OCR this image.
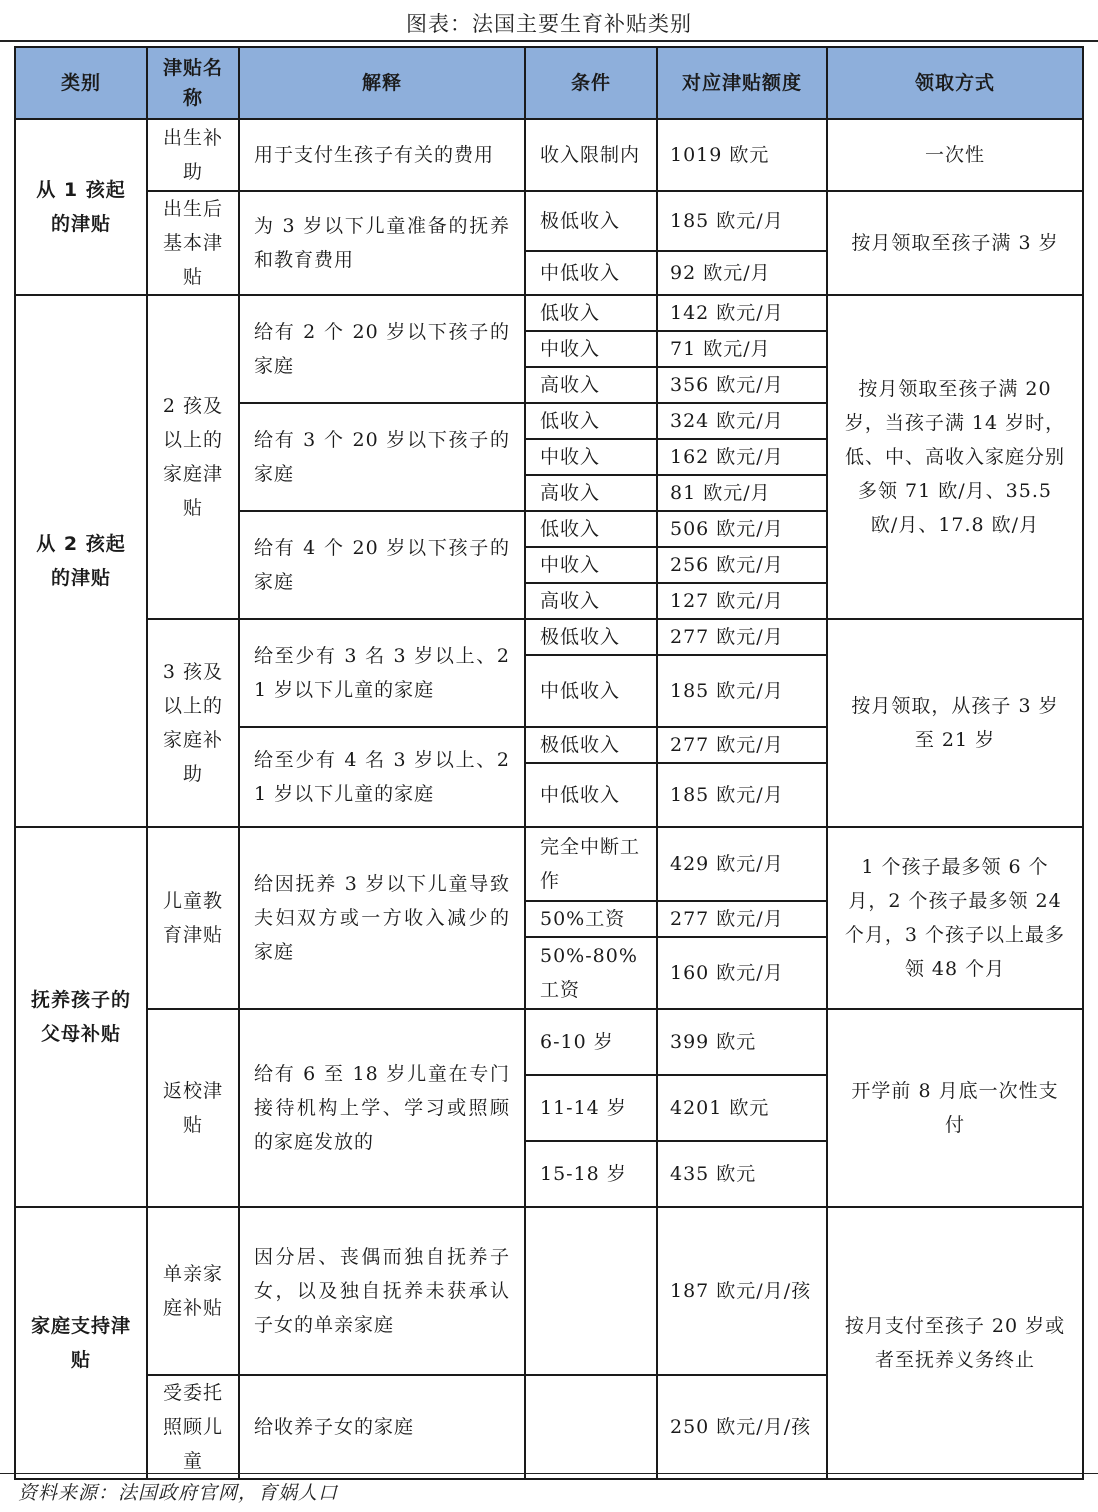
图表：法国主要生育补贴类别
类别	津贴名称	解释	条件	对应津贴额度	领取方式
从 1 孩起的津贴	出生补助	用于支付生孩子有关的费用	收入限制内	1019 欧元	一次性
	出生后基本津贴	为 3 岁以下儿童准备的抚养和教育费用	极低收入	185 欧元/月	按月领取至孩子满 3 岁
			中低收入	92 欧元/月	
从 2 孩起的津贴	2 孩及以上的家庭津贴	给有 2 个 20 岁以下孩子的家庭	低收入	142 欧元/月	按月领取至孩子满 20 岁，当孩子满 14 岁时，低、中、高收入家庭分别多领 71 欧/月、35.5 欧/月、17.8 欧/月
			中收入	71 欧元/月	
			高收入	356 欧元/月	
		给有 3 个 20 岁以下孩子的家庭	低收入	324 欧元/月	
			中收入	162 欧元/月	
			高收入	81 欧元/月	
		给有 4 个 20 岁以下孩子的家庭	低收入	506 欧元/月	
			中收入	256 欧元/月	
			高收入	127 欧元/月	
	3 孩及以上的家庭补助	给至少有 3 名 3 岁以上、21 岁以下儿童的家庭	极低收入	277 欧元/月	按月领取，从孩子 3 岁至 21 岁
			中低收入	185 欧元/月	
		给至少有 4 名 3 岁以上、21 岁以下儿童的家庭	极低收入	277 欧元/月	
			中低收入	185 欧元/月	
抚养孩子的父母补贴	儿童教育津贴	给因抚养 3 岁以下儿童导致夫妇双方或一方收入减少的家庭	完全中断工作	429 欧元/月	1 个孩子最多领 6 个月，2 个孩子最多领 24 个月，3 个孩子以上最多领 48 个月
			50%工资	277 欧元/月	
			50%-80% 工资	160 欧元/月	
	返校津贴	给有 6 至 18 岁儿童在专门接待机构上学、学习或照顾的家庭发放的	6-10 岁	399 欧元	开学前 8 月底一次性支付
			11-14 岁	4201 欧元	
			15-18 岁	435 欧元	
家庭支持津贴	单亲家庭补贴	因分居、丧偶而独自抚养子女，以及独自抚养未获承认子女的单亲家庭		187 欧元/月/孩	按月支付至孩子 20 岁或者至抚养义务终止
	受委托照顾儿童	给收养子女的家庭		250 欧元/月/孩	
资料来源：法国政府官网，育娲人口
